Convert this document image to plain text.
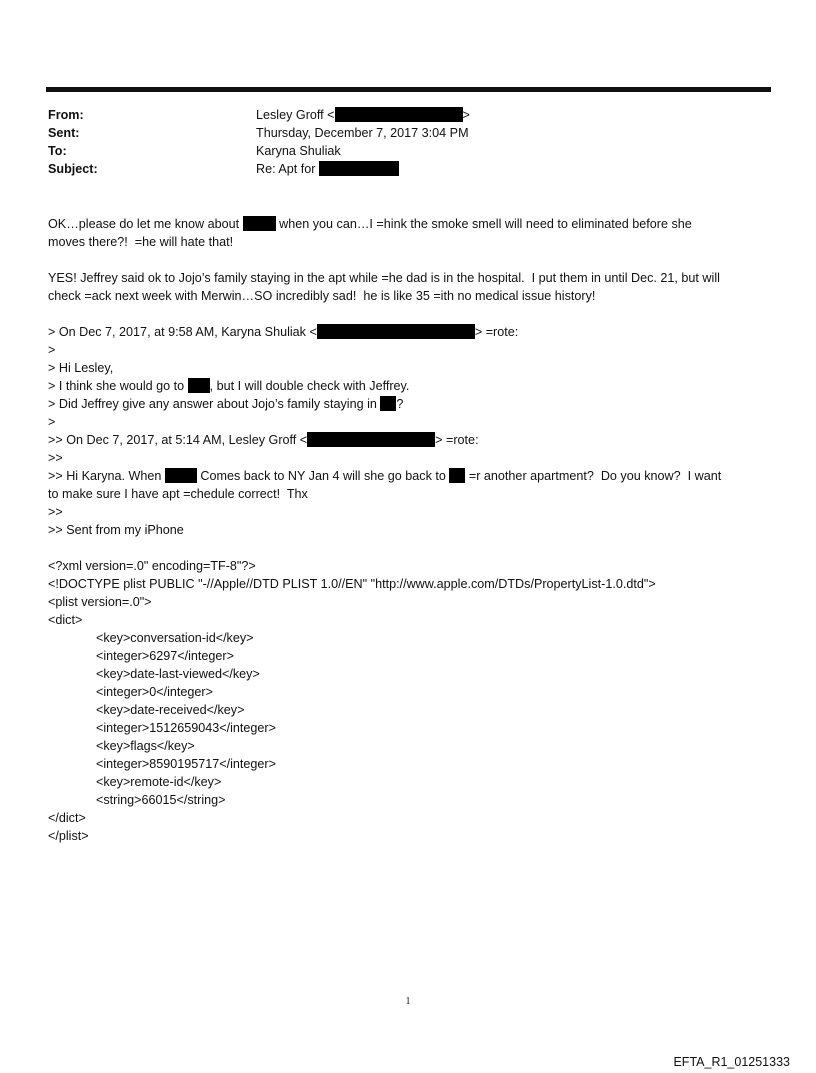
From:	Lesley Groff <	>
Sent:	Thursday, December 7, 2017 3:04 PM
To:	Karyna Shuliak
Subject:	Re: Apt for
OK…please do let me know about	when you can…I =hink the smoke smell will need to eliminated before she
moves there?!  =he will hate that!
YES! Jeffrey said ok to Jojo’s family staying in the apt while =he dad is in the hospital.  I put them in until Dec. 21, but will
check =ack next week with Merwin…SO incredibly sad!  he is like 35 =ith no medical issue history!
> On Dec 7, 2017, at 9:58 AM, Karyna Shuliak <	> =rote:
>
> Hi Lesley,
> I think she would go to , but I will double check with Jeffrey.
> Did Jeffrey give any answer about Jojo’s family staying in ?
>
>> On Dec 7, 2017, at 5:14 AM, Lesley Groff <	> =rote:
>>
>> Hi Karyna. When	Comes back to NY Jan 4 will she go back to  =r another apartment?  Do you know?  I want
to make sure I have apt =chedule correct!  Thx
>>
>> Sent from my iPhone
<?xml version=.0" encoding=TF-8"?>
<!DOCTYPE plist PUBLIC "-//Apple//DTD PLIST 1.0//EN" "http://www.apple.com/DTDs/PropertyList-1.0.dtd">
<plist version=.0">
<dict>
<key>conversation-id</key>
<integer>6297</integer>
<key>date-last-viewed</key>
<integer>0</integer>
<key>date-received</key>
<integer>1512659043</integer>
<key>flags</key>
<integer>8590195717</integer>
<key>remote-id</key>
<string>66015</string>
</dict>
</plist>
1
EFTA_R1_01251333
